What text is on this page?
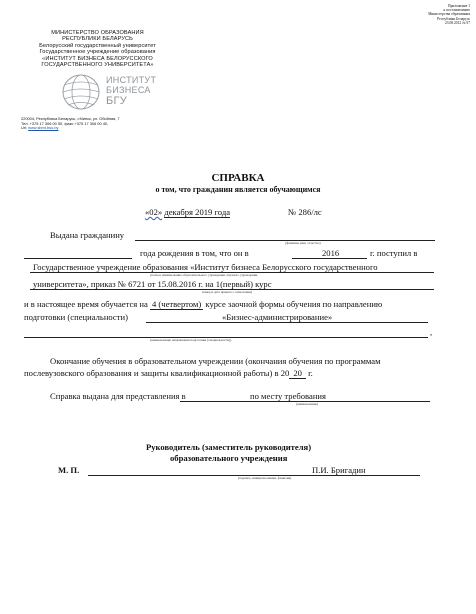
Приложение 1
к постановлению
Министерства образования
Республики Беларусь
23.08.2012 № 97
МИНИСТЕРСТВО ОБРАЗОВАНИЯ
РЕСПУБЛИКИ БЕЛАРУСЬ
Белорусский государственный университет
Государственное учреждение образования
«ИНСТИТУТ БИЗНЕСА БЕЛОРУССКОГО
ГОСУДАРСТВЕННОГО УНИВЕРСИТЕТА»
ИНСТИТУТ
БИЗНЕСА
БГУ
220004, Республика Беларусь, г.Минск, ул. Обойная, 7
Тел. +375 17 306 00 50, факс +375 17 306 00 40,
Url: www.sbmt.bsu.by
СПРАВКА
о том, что гражданин является обучающимся
«02» декабря 2019 года	№ 286/лс
Выдана гражданину
(фамилия, имя, отчество)
года рождения в том, что он в	2016	г. поступил в
Государственное учреждение образования «Институт бизнеса Белорусского государственного
(полное наименование образовательного учреждения, научного учреждения,
университета», приказ № 6721 от 15.08.2016 г. на 1(первый) курс
номер и дата приказа о зачислении)
и в настоящее время обучается на 4 (четвертом) курсе заочной формы обучения по направлению
подготовки (специальности)	«Бизнес-администрирование»
,
(наименование направления подготовки (специальности))
Окончание обучения в образовательном учреждении (окончания обучения по программам
послевузовского образования и защиты квалификационной работы) в 20 20 г.
Справка выдана для представления в	по месту требования
(наименование)
Руководитель (заместитель руководителя)
образовательного учреждения
М. П.	П.И. Бригадин
(подпись, инициалы имени, фамилия)
